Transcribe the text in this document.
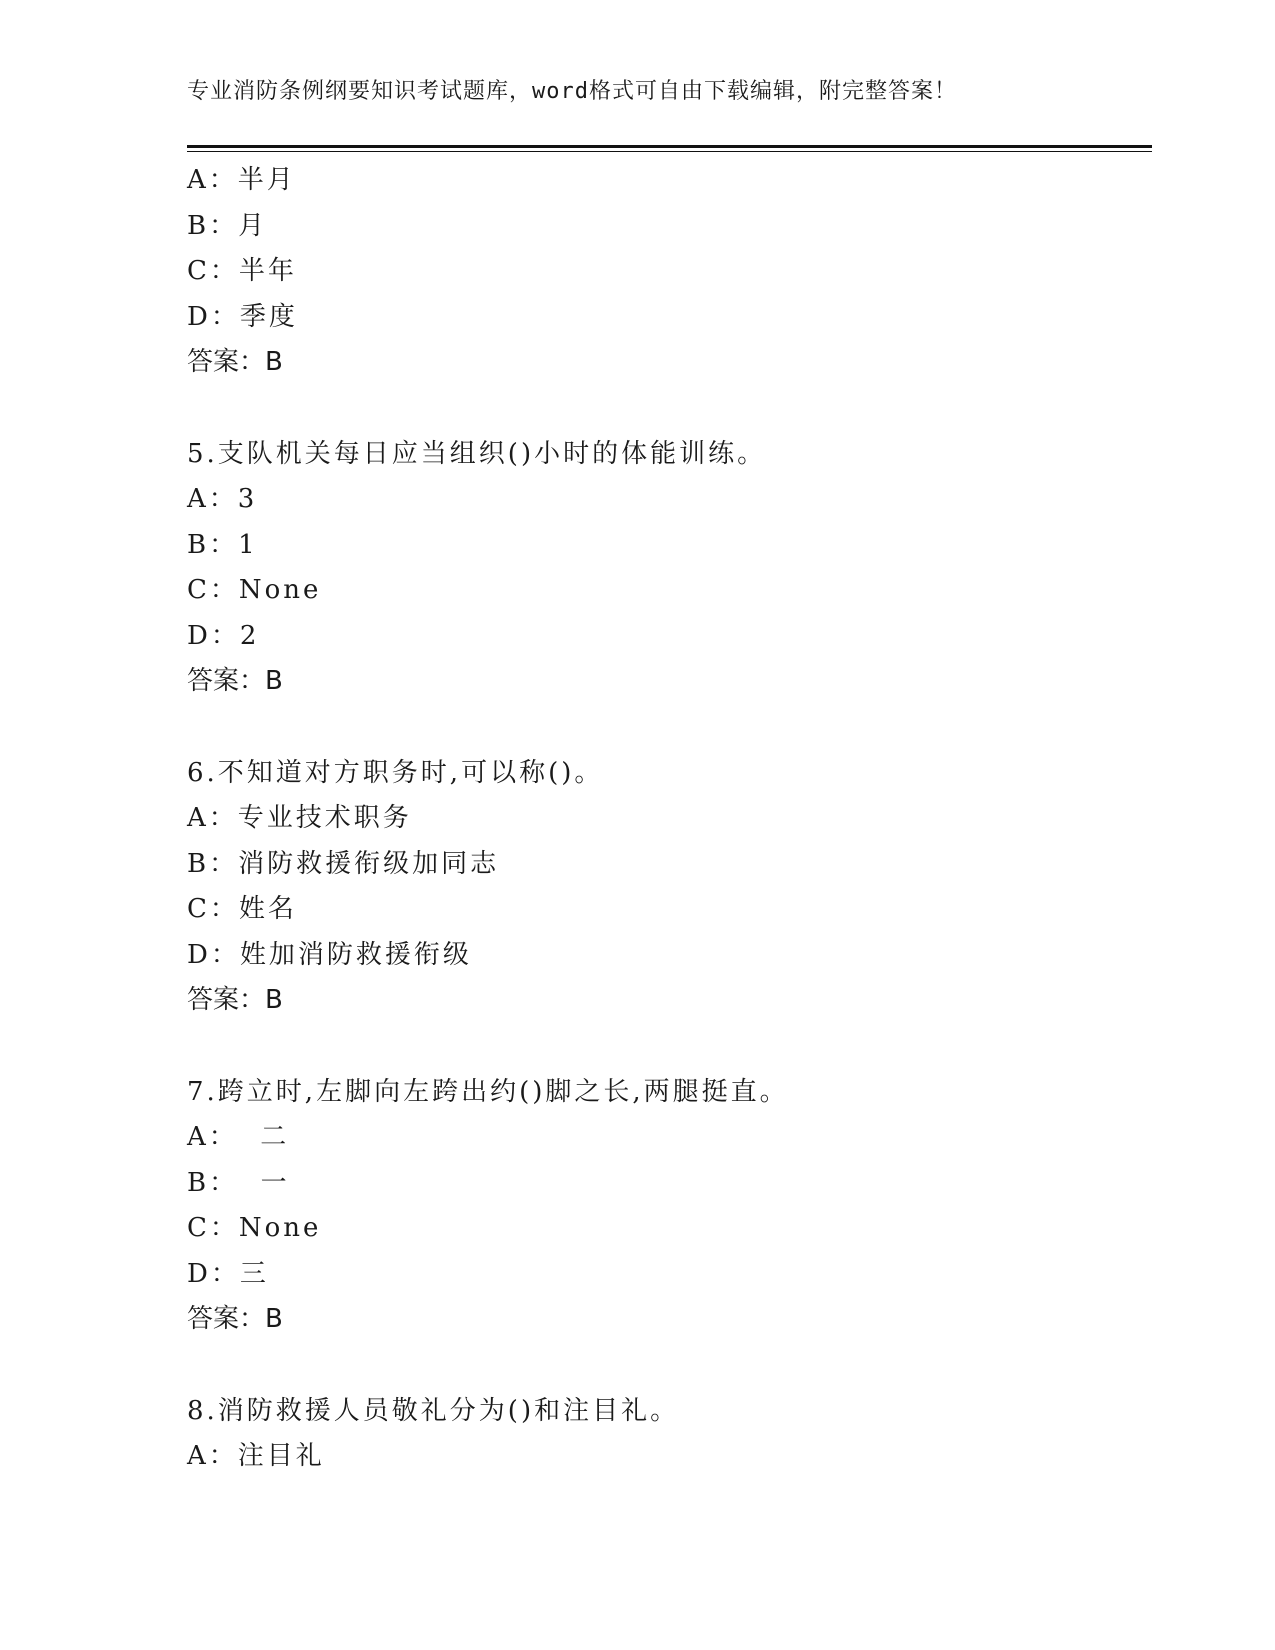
专业消防条例纲要知识考试题库，word格式可自由下载编辑，附完整答案！
A：半月
B：月
C：半年
D：季度
答案：B
5.支队机关每日应当组织()小时的体能训练。
A：3
B：1
C：None
D：2
答案：B
6.不知道对方职务时,可以称()。
A：专业技术职务
B：消防救援衔级加同志
C：姓名
D：姓加消防救援衔级
答案：B
7.跨立时,左脚向左跨出约()脚之长,两腿挺直。
A：  二
B：  一
C：None
D：三
答案：B
8.消防救援人员敬礼分为()和注目礼。
A：注目礼
